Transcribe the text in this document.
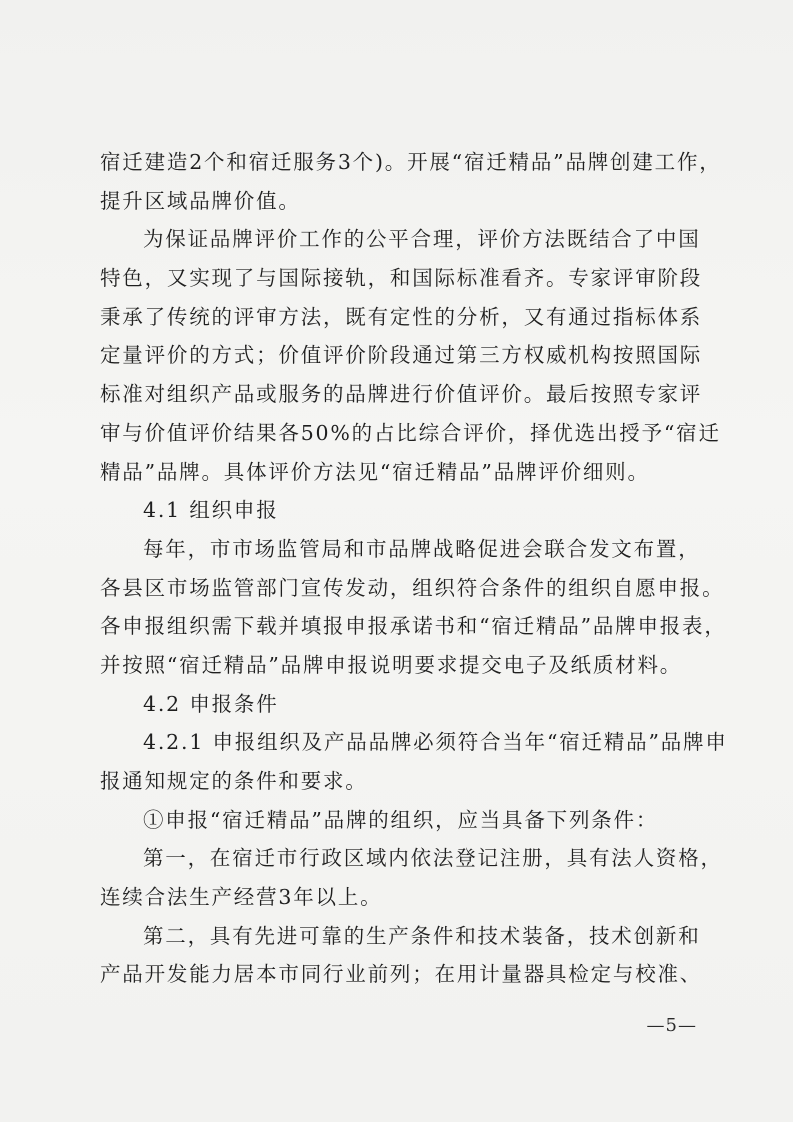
宿迁建造2个和宿迁服务3个)。开展“宿迁精品”品牌创建工作，
提升区域品牌价值。
为保证品牌评价工作的公平合理，评价方法既结合了中国
特色，又实现了与国际接轨，和国际标准看齐。专家评审阶段
秉承了传统的评审方法，既有定性的分析，又有通过指标体系
定量评价的方式；价值评价阶段通过第三方权威机构按照国际
标准对组织产品或服务的品牌进行价值评价。最后按照专家评
审与价值评价结果各50%的占比综合评价，择优选出授予“宿迁
精品”品牌。具体评价方法见“宿迁精品”品牌评价细则。
4.1 组织申报
每年，市市场监管局和市品牌战略促进会联合发文布置，
各县区市场监管部门宣传发动，组织符合条件的组织自愿申报。
各申报组织需下载并填报申报承诺书和“宿迁精品”品牌申报表，
并按照“宿迁精品”品牌申报说明要求提交电子及纸质材料。
4.2 申报条件
4.2.1 申报组织及产品品牌必须符合当年“宿迁精品”品牌申
报通知规定的条件和要求。
①申报“宿迁精品”品牌的组织，应当具备下列条件：
第一，在宿迁市行政区域内依法登记注册，具有法人资格，
连续合法生产经营3年以上。
第二，具有先进可靠的生产条件和技术装备，技术创新和
产品开发能力居本市同行业前列；在用计量器具检定与校准、
—5—
